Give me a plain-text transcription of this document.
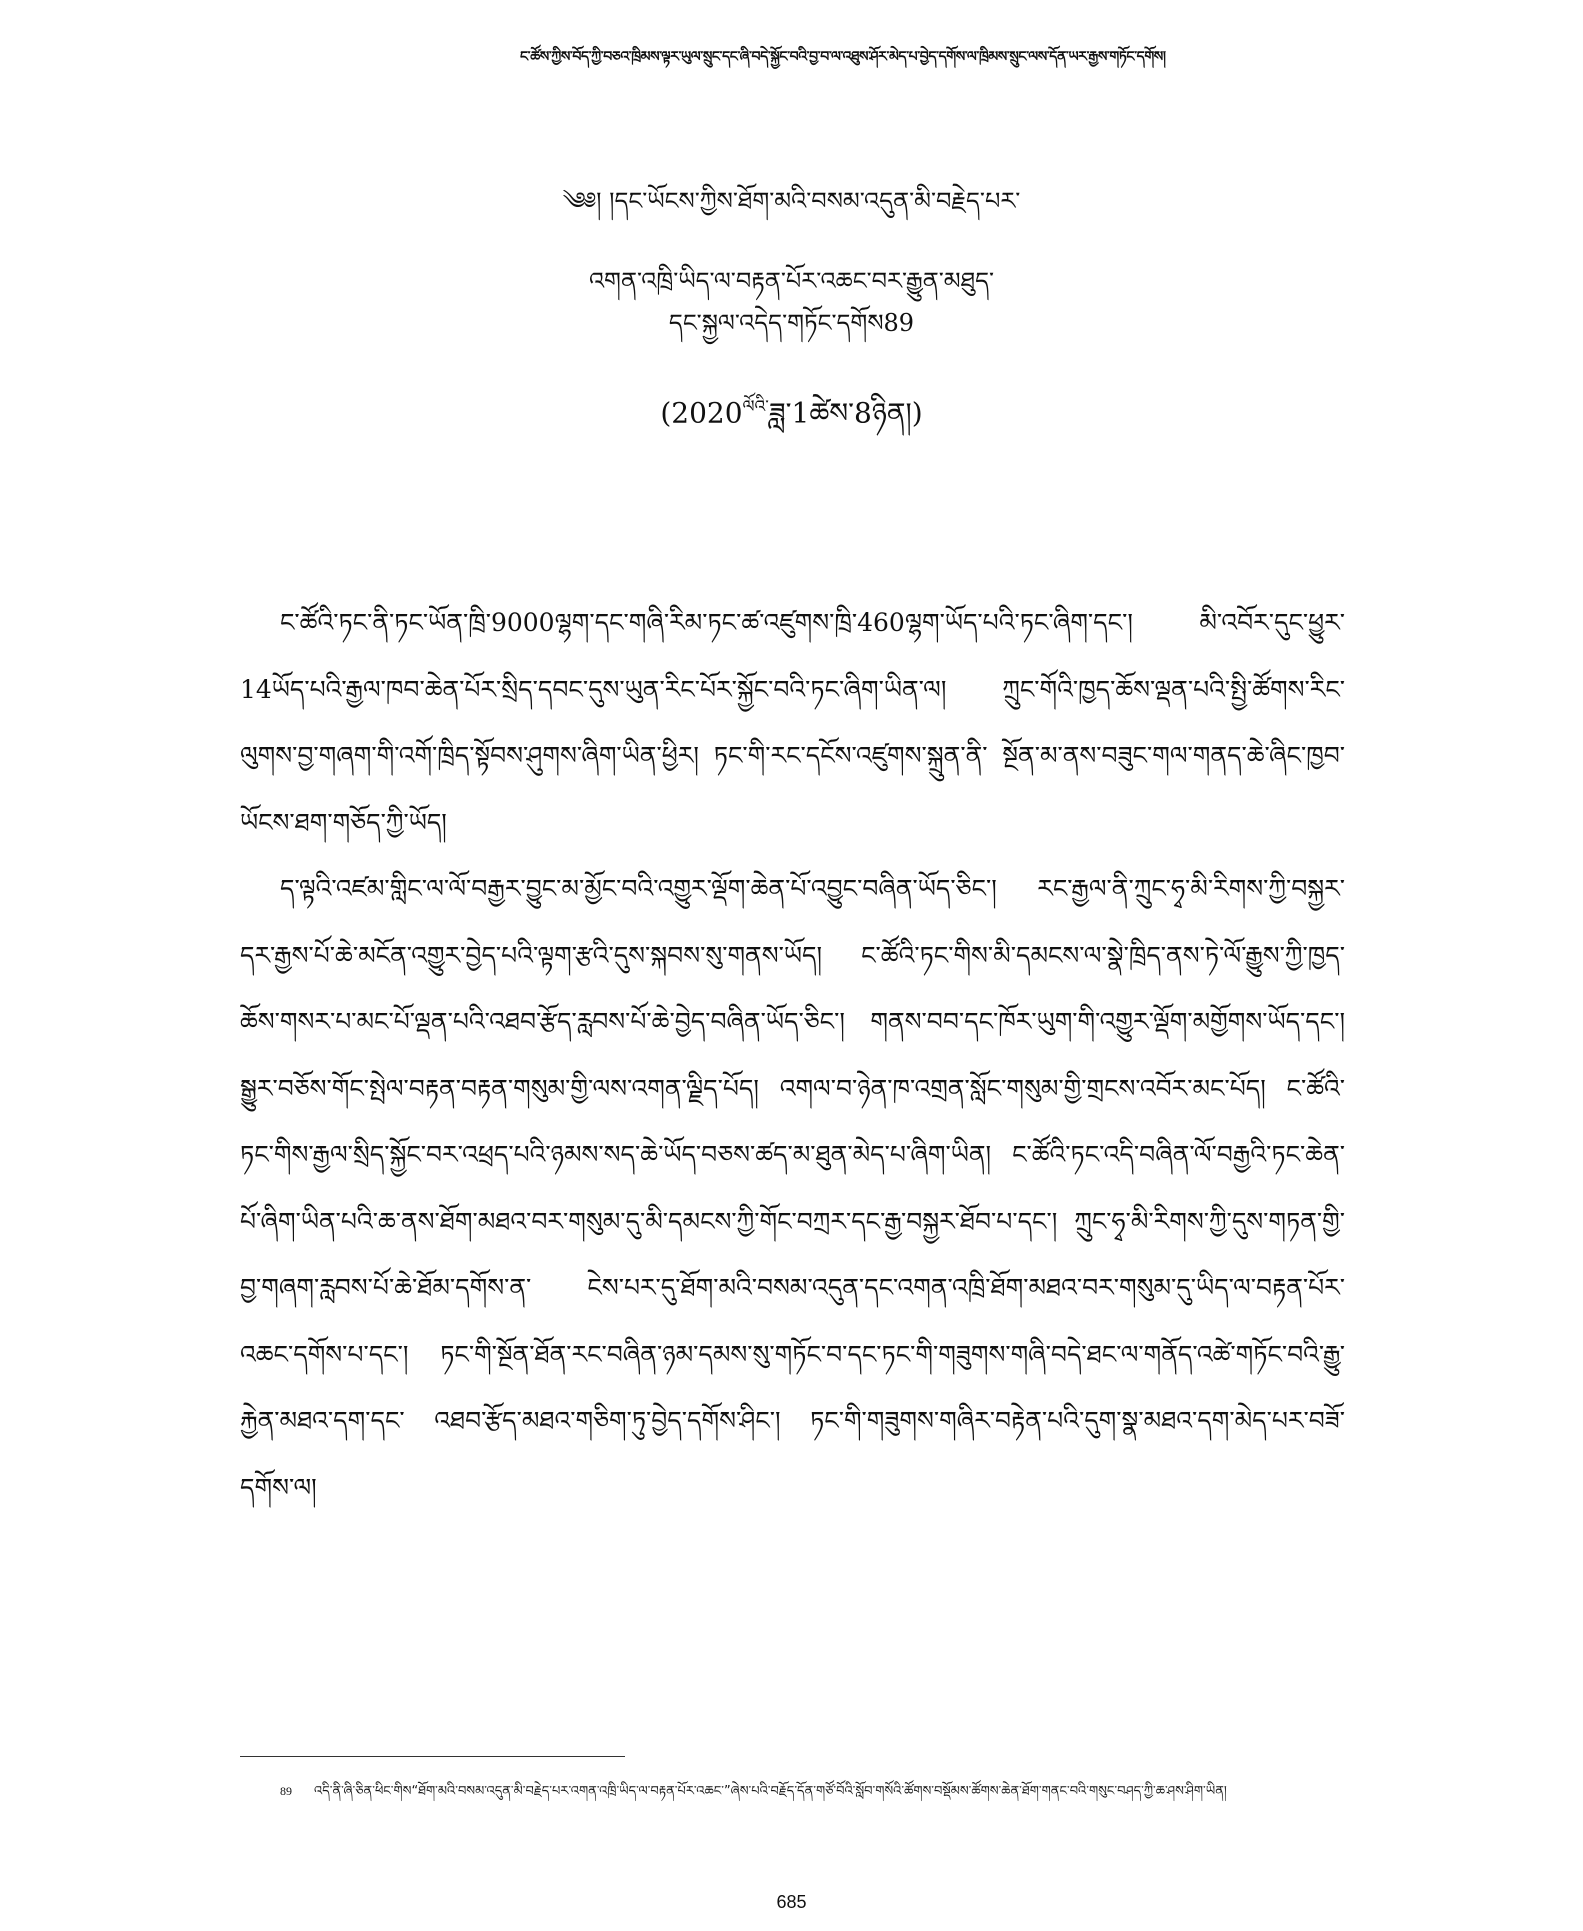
ང་ཚོས་ཀྱིས་བོད་ཀྱི་བཅའ་ཁྲིམས་ལྟར་ཡུལ་སྲུང་དང་ཞི་བདེ་སྐྱོང་བའི་བྱ་བ་ལ་འཐུས་ཤོར་མེད་པ་བྱེད་དགོས་ལ་ཁྲིམས་སྲུང་ལས་དོན་ཡར་རྒྱས་གཏོང་དགོས།
༄༅། །དང་ཡོངས་ཀྱིས་ཐོག་མའི་བསམ་འདུན་མི་བརྗེད་པར་
འགན་འཁྲི་ཡིད་ལ་བརྟན་པོར་འཆང་བར་རྒྱུན་མཐུད་
དང་སྐྱལ་འདེད་གཏོང་དགོས89
$(2020^{ལོའི་}ཟླ་1ཚེས་8ཉིན།)$

ང་ཚོའི་ཏང་ནི་ཏང་ཡོན་ཁྲི་9000ལྷག་དང་གཞི་རིམ་ཏང་ཚ་འཛུགས་ཁྲི་460ལྷག་ཡོད་པའི་ཏང་ཞིག་དང་། མི་འབོར་དུང་ཕྱུར་14ཡོད་པའི་རྒྱལ་ཁབ་ཆེན་པོར་སྲིད་དབང་དུས་ཡུན་རིང་པོར་སྐྱོང་བའི་ཏང་ཞིག་ཡིན་ལ། ཀྲུང་གོའི་ཁྱད་ཆོས་ལྡན་པའི་སྤྱི་ཚོགས་རིང་ལུགས་བྱ་གཞག་གི་འགོ་ཁྲིད་སྟོབས་ཤུགས་ཞིག་ཡིན་ཕྱིར། ཏང་གི་རང་དངོས་འཛུགས་སྐྲུན་ནི་ སྔོན་མ་ནས་བཟུང་གལ་གནད་ཆེ་ཞིང་ཁྱབ་ཡོངས་ཐག་གཅོད་ཀྱི་ཡོད།

ད་ལྟའི་འཛམ་གླིང་ལ་ལོ་བརྒྱར་བྱུང་མ་མྱོང་བའི་འགྱུར་ལྡོག་ཆེན་པོ་འབྱུང་བཞིན་ཡོད་ཅིང་། རང་རྒྱལ་ནི་ཀྲུང་ཧྭ་མི་རིགས་ཀྱི་བསྐྱར་དར་རྒྱས་པོ་ཆེ་མངོན་འགྱུར་བྱེད་པའི་ལྟག་རྩའི་དུས་སྐབས་སུ་གནས་ཡོད། ང་ཚོའི་ཏང་གིས་མི་དམངས་ལ་སྣེ་ཁྲིད་ནས་ཏེ་ལོ་རྒྱུས་ཀྱི་ཁྱད་ཆོས་གསར་པ་མང་པོ་ལྡན་པའི་འཐབ་རྩོད་རླབས་པོ་ཆེ་བྱེད་བཞིན་ཡོད་ཅིང་། གནས་བབ་དང་ཁོར་ཡུག་གི་འགྱུར་ལྡོག་མགྱོགས་ཡོད་དང་། སྒྱུར་བཅོས་གོང་སྤེལ་བརྟན་བརྟན་གསུམ་གྱི་ལས་འགན་ལྗིད་པོད། འགལ་བ་ཉེན་ཁ་འགྲན་སློང་གསུམ་གྱི་གྲངས་འབོར་མང་པོད། ང་ཚོའི་ཏང་གིས་རྒྱལ་སྲིད་སྐྱོང་བར་འཕྲད་པའི་ཉམས་སད་ཆེ་ཡོད་བཅས་ཚད་མ་ཐུན་མེད་པ་ཞིག་ཡིན། ང་ཚོའི་ཏང་འདི་བཞིན་ལོ་བརྒྱའི་ཏང་ཆེན་པོ་ཞིག་ཡིན་པའི་ཆ་ནས་ཐོག་མཐའ་བར་གསུམ་དུ་མི་དམངས་ཀྱི་གོང་བཀྲར་དང་རྒྱ་བསྐྱར་ཐོབ་པ་དང་། ཀྲུང་ཧྭ་མི་རིགས་ཀྱི་དུས་གཏན་གྱི་བྱ་གཞག་རླབས་པོ་ཆེ་ཐོམ་དགོས་ན་ ངེས་པར་དུ་ཐོག་མའི་བསམ་འདུན་དང་འགན་འཁྲི་ཐོག་མཐའ་བར་གསུམ་དུ་ཡིད་ལ་བརྟན་པོར་འཆང་དགོས་པ་དང་། ཏང་གི་སྔོན་ཐོན་རང་བཞིན་ཉམ་དམས་སུ་གཏོང་བ་དང་ཏང་གི་གཟུགས་གཞི་བདེ་ཐང་ལ་གནོད་འཚེ་གཏོང་བའི་རྒྱུ་རྐྱེན་མཐའ་དག་དང་ འཐབ་རྩོད་མཐའ་གཅིག་ཏུ་བྱེད་དགོས་ཤིང་། ཏང་གི་གཟུགས་གཞིར་བརྟེན་པའི་དུག་སྣ་མཐའ་དག་མེད་པར་བཟོ་དགོས་ལ།

89 འདི་ནི་ཞི་ཅིན་ཕིང་གིས“ཐོག་མའི་བསམ་འདུན་མི་བརྗེད་པར་འགན་འཁྲི་ཡིད་ལ་བརྟན་པོར་འཆང་”ཞེས་པའི་བརྗོད་དོན་གཙོ་བོའི་སློབ་གསོའི་ཚོགས་བསྡོམས་ཚོགས་ཆེན་ཐོག་གནང་བའི་གསུང་བཤད་ཀྱི་ཆ་ཤས་ཤིག་ཡིན།
685
